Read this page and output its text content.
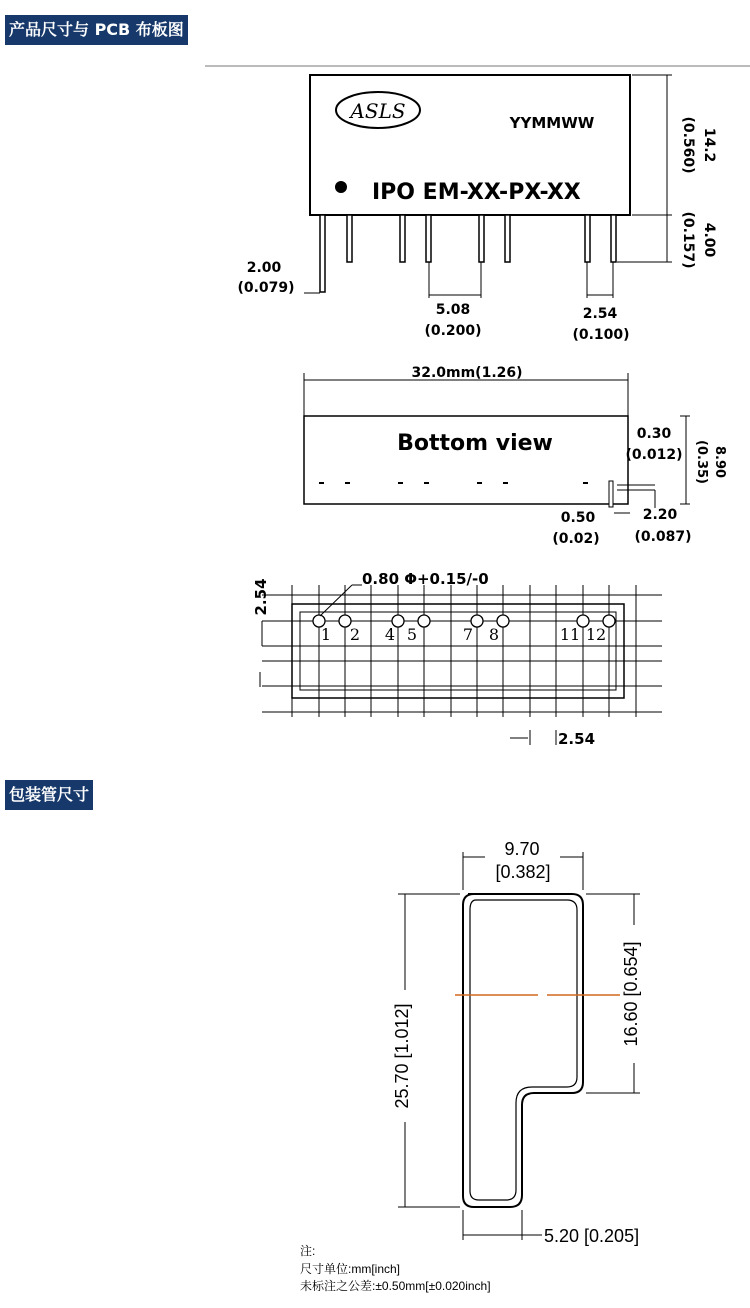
产品尺寸与 PCB 布板图
包装管尺寸
ASLS	YYMMWW
IPO EM-XX-PX-XX
14.2
(0.560)
4.00
(0.157)
2.00
(0.079)
5.08
(0.200)
2.54
(0.100)
32.0mm(1.26)
Bottom view	0.30
(0.012) 8.90
(0.35)
0.50
(0.02)
2.20
(0.087)
1 2 4 5	7 8	11 12
0.80 Φ+0.15/-0
2.54
2.54
9.70
[0.382]
25.70 [1.012]
16.60 [0.654]
5.20 [0.205]
注:
尺寸单位:mm[inch]
未标注之公差:±0.50mm[±0.020inch]
